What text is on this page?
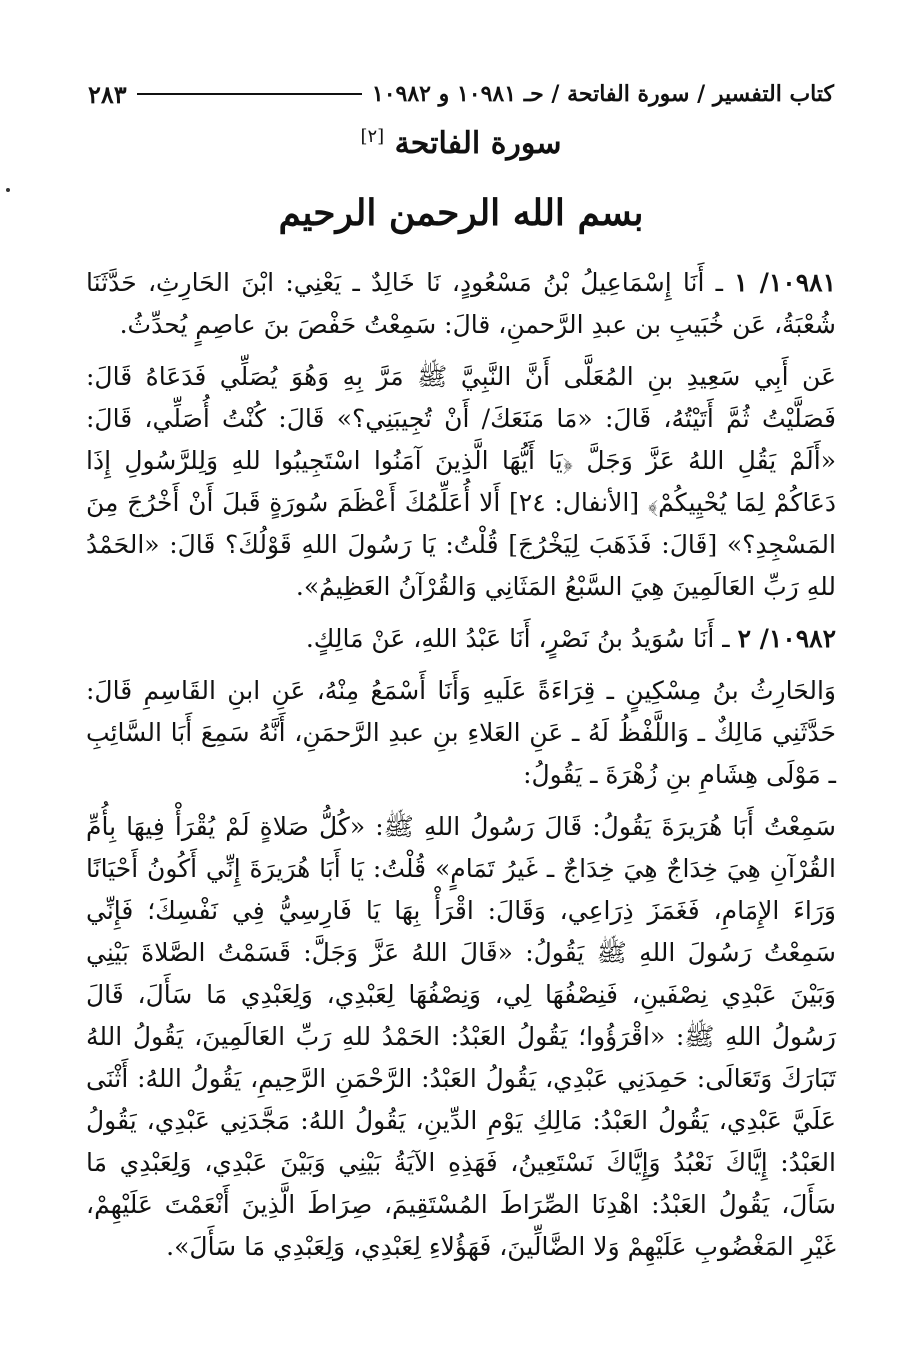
كتاب التفسير / سورة الفاتحة / حـ ١٠٩٨١ و ١٠٩٨٢
٢٨٣
سورة الفاتحة [٢]
بسم الله الرحمن الرحيم

١٠٩٨١/ ١ ـ أَنَا إِسْمَاعِيلُ بْنُ مَسْعُودٍ، نَا خَالِدٌ ـ يَعْنِي: ابْنَ الحَارِثِ، حَدَّثَنَا شُعْبَةُ، عَن خُبَيبِ بن عبدِ الرَّحمنِ، قالَ: سَمِعْتُ حَفْصَ بنَ عاصِمٍ يُحدِّثُ.

عَن أَبِي سَعِيدِ بنِ المُعَلَّى أَنَّ النَّبِيَّ ﷺ مَرَّ بِهِ وَهُوَ يُصَلِّي فَدَعَاهُ قَالَ: فَصَلَّيْتُ ثُمَّ أَتَيْتُهُ، قَالَ: «مَا مَنَعَكَ/ أَنْ تُجِيبَنِي؟» قَالَ: كُنْتُ أُصَلِّي، قَالَ: «أَلَمْ يَقُلِ اللهُ عَزَّ وَجَلَّ ﴿يَا أَيُّهَا الَّذِينَ آمَنُوا اسْتَجِيبُوا للهِ وَلِلرَّسُولِ إِذَا دَعَاكُمْ لِمَا يُحْيِيكُمْ﴾ [الأنفال: ٢٤] أَلا أُعَلِّمُكَ أَعْظَمَ سُورَةٍ قَبلَ أَنْ أَخْرُجَ مِنَ المَسْجِدِ؟» [قَالَ: فَذَهَبَ لِيَخْرُجَ] قُلْتُ: يَا رَسُولَ اللهِ قَوْلُكَ؟ قَالَ: «الحَمْدُ للهِ رَبِّ العَالَمِينَ هِيَ السَّبْعُ المَثَانِي وَالقُرْآنُ العَظِيمُ».

١٠٩٨٢/ ٢ ـ أَنَا سُوَيدُ بنُ نَصْرٍ، أَنَا عَبْدُ اللهِ، عَنْ مَالِكٍ.

وَالحَارِثُ بنُ مِسْكِينٍ ـ قِرَاءَةً عَلَيهِ وَأَنَا أَسْمَعُ مِنْهُ، عَنِ ابنِ القَاسِمِ قَالَ: حَدَّثَنِي مَالِكٌ ـ وَاللَّفْظُ لَهُ ـ عَنِ العَلاءِ بنِ عبدِ الرَّحمَنِ، أَنَّهُ سَمِعَ أَبَا السَّائِبِ ـ مَوْلَى هِشَامِ بنِ زُهْرَةَ ـ يَقُولُ:

سَمِعْتُ أَبَا هُرَيرَةَ يَقُولُ: قَالَ رَسُولُ اللهِ ﷺ: «كُلُّ صَلاةٍ لَمْ يُقْرَأْ فِيهَا بِأُمِّ القُرْآنِ هِيَ خِدَاجٌ هِيَ خِدَاجٌ ـ غَيرُ تَمَامٍ» قُلْتُ: يَا أَبَا هُرَيرَةَ إِنِّي أَكُونُ أَحْيَانًا وَرَاءَ الإِمَامِ، فَغَمَزَ ذِرَاعِي، وَقَالَ: اقْرَأْ بِهَا يَا فَارِسِيُّ فِي نَفْسِكَ؛ فَإِنِّي سَمِعْتُ رَسُولَ اللهِ ﷺ يَقُولُ: «قَالَ اللهُ عَزَّ وَجَلَّ: قَسَمْتُ الصَّلاةَ بَيْنِي وَبَيْنَ عَبْدِي نِصْفَينِ، فَنِصْفُهَا لِي، وَنِصْفُهَا لِعَبْدِي، وَلِعَبْدِي مَا سَأَلَ، قَالَ رَسُولُ اللهِ ﷺ: «اقْرَؤُوا؛ يَقُولُ العَبْدُ: الحَمْدُ للهِ رَبِّ العَالَمِينَ، يَقُولُ اللهُ تَبَارَكَ وَتَعَالَى: حَمِدَنِي عَبْدِي، يَقُولُ العَبْدُ: الرَّحْمَنِ الرَّحِيمِ، يَقُولُ اللهُ: أَثْنَى عَلَيَّ عَبْدِي، يَقُولُ العَبْدُ: مَالِكِ يَوْمِ الدِّينِ، يَقُولُ اللهُ: مَجَّدَنِي عَبْدِي، يَقُولُ العَبْدُ: إِيَّاكَ نَعْبُدُ وَإِيَّاكَ نَسْتَعِينُ، فَهَذِهِ الآيَةُ بَيْنِي وَبَيْنَ عَبْدِي، وَلِعَبْدِي مَا سَأَلَ، يَقُولُ العَبْدُ: اهْدِنَا الصِّرَاطَ المُسْتَقِيمَ، صِرَاطَ الَّذِينَ أَنْعَمْتَ عَلَيْهِمْ، غَيْرِ المَغْضُوبِ عَلَيْهِمْ وَلا الضَّالِّينَ، فَهَؤُلاءِ لِعَبْدِي، وَلِعَبْدِي مَا سَأَلَ».
